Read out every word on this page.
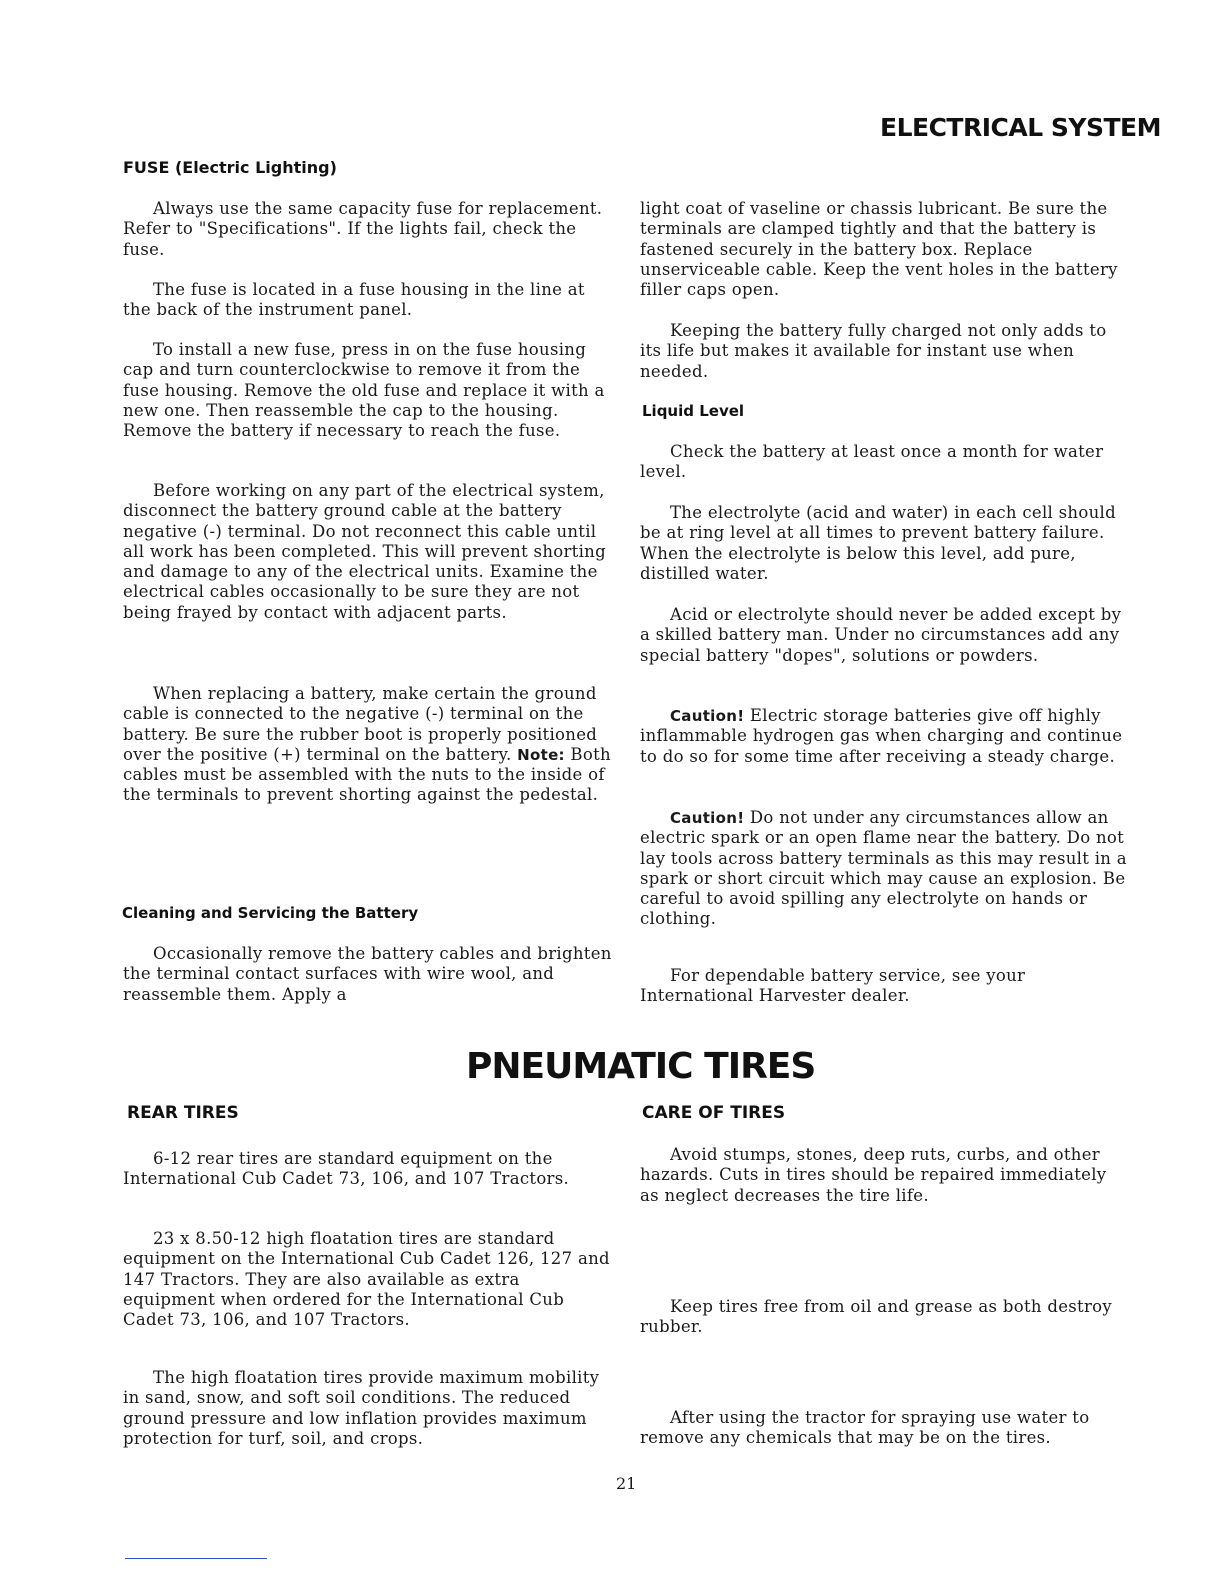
ELECTRICAL SYSTEM
FUSE (Electric Lighting)

Always use the same capacity fuse for replacement. Refer to "Specifications". If the lights fail, check the fuse.

The fuse is located in a fuse housing in the line at the back of the instrument panel.

To install a new fuse, press in on the fuse housing cap and turn counterclockwise to remove it from the fuse housing. Remove the old fuse and replace it with a new one. Then reassemble the cap to the housing. Remove the battery if necessary to reach the fuse.

Before working on any part of the electrical system, disconnect the battery ground cable at the battery negative (-) terminal. Do not reconnect this cable until all work has been completed. This will prevent shorting and damage to any of the electrical units. Examine the electrical cables occasionally to be sure they are not being frayed by contact with adjacent parts.

When replacing a battery, make certain the ground cable is connected to the negative (-) terminal on the battery. Be sure the rubber boot is properly positioned over the positive (+) terminal on the battery. Note: Both cables must be assembled with the nuts to the inside of the terminals to prevent shorting against the pedestal.

Cleaning and Servicing the Battery

Occasionally remove the battery cables and brighten the terminal contact surfaces with wire wool, and reassemble them. Apply a

light coat of vaseline or chassis lubricant. Be sure the terminals are clamped tightly and that the battery is fastened securely in the battery box. Replace unserviceable cable. Keep the vent holes in the battery filler caps open.

Keeping the battery fully charged not only adds to its life but makes it available for instant use when needed.

Liquid Level

Check the battery at least once a month for water level.

The electrolyte (acid and water) in each cell should be at ring level at all times to prevent battery failure. When the electrolyte is below this level, add pure, distilled water.

Acid or electrolyte should never be added except by a skilled battery man. Under no circumstances add any special battery "dopes", solutions or powders.

Caution! Electric storage batteries give off highly inflammable hydrogen gas when charging and continue to do so for some time after receiving a steady charge.

Caution! Do not under any circumstances allow an electric spark or an open flame near the battery. Do not lay tools across battery terminals as this may result in a spark or short circuit which may cause an explosion. Be careful to avoid spilling any electrolyte on hands or clothing.

For dependable battery service, see your International Harvester dealer.

PNEUMATIC TIRES
REAR TIRES

6-12 rear tires are standard equipment on the International Cub Cadet 73, 106, and 107 Tractors.

23 x 8.50-12 high floatation tires are standard equipment on the International Cub Cadet 126, 127 and 147 Tractors. They are also available as extra equipment when ordered for the International Cub Cadet 73, 106, and 107 Tractors.

The high floatation tires provide maximum mobility in sand, snow, and soft soil conditions. The reduced ground pressure and low inflation provides maximum protection for turf, soil, and crops.

CARE OF TIRES

Avoid stumps, stones, deep ruts, curbs, and other hazards. Cuts in tires should be repaired immediately as neglect decreases the tire life.

Keep tires free from oil and grease as both destroy rubber.

After using the tractor for spraying use water to remove any chemicals that may be on the tires.

21
